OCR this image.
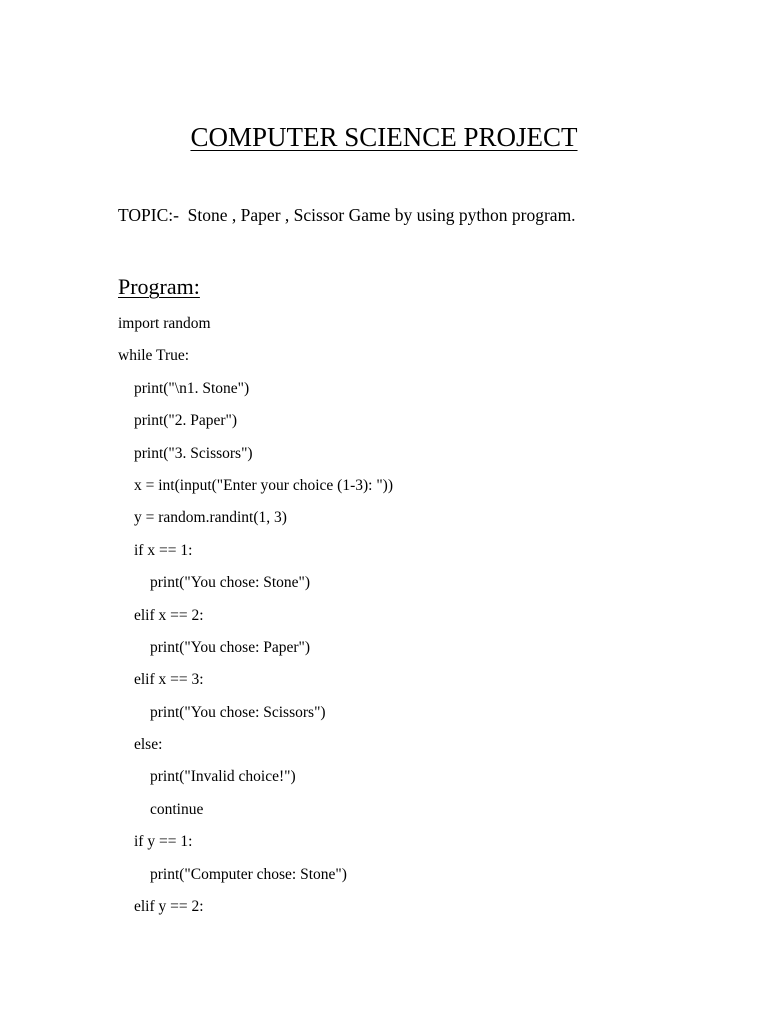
COMPUTER SCIENCE PROJECT
TOPIC:-  Stone , Paper , Scissor Game by using python program.
Program:
import random
while True:
print("\n1. Stone")
print("2. Paper")
print("3. Scissors")
x = int(input("Enter your choice (1-3): "))
y = random.randint(1, 3)
if x == 1:
print("You chose: Stone")
elif x == 2:
print("You chose: Paper")
elif x == 3:
print("You chose: Scissors")
else:
print("Invalid choice!")
continue
if y == 1:
print("Computer chose: Stone")
elif y == 2:
